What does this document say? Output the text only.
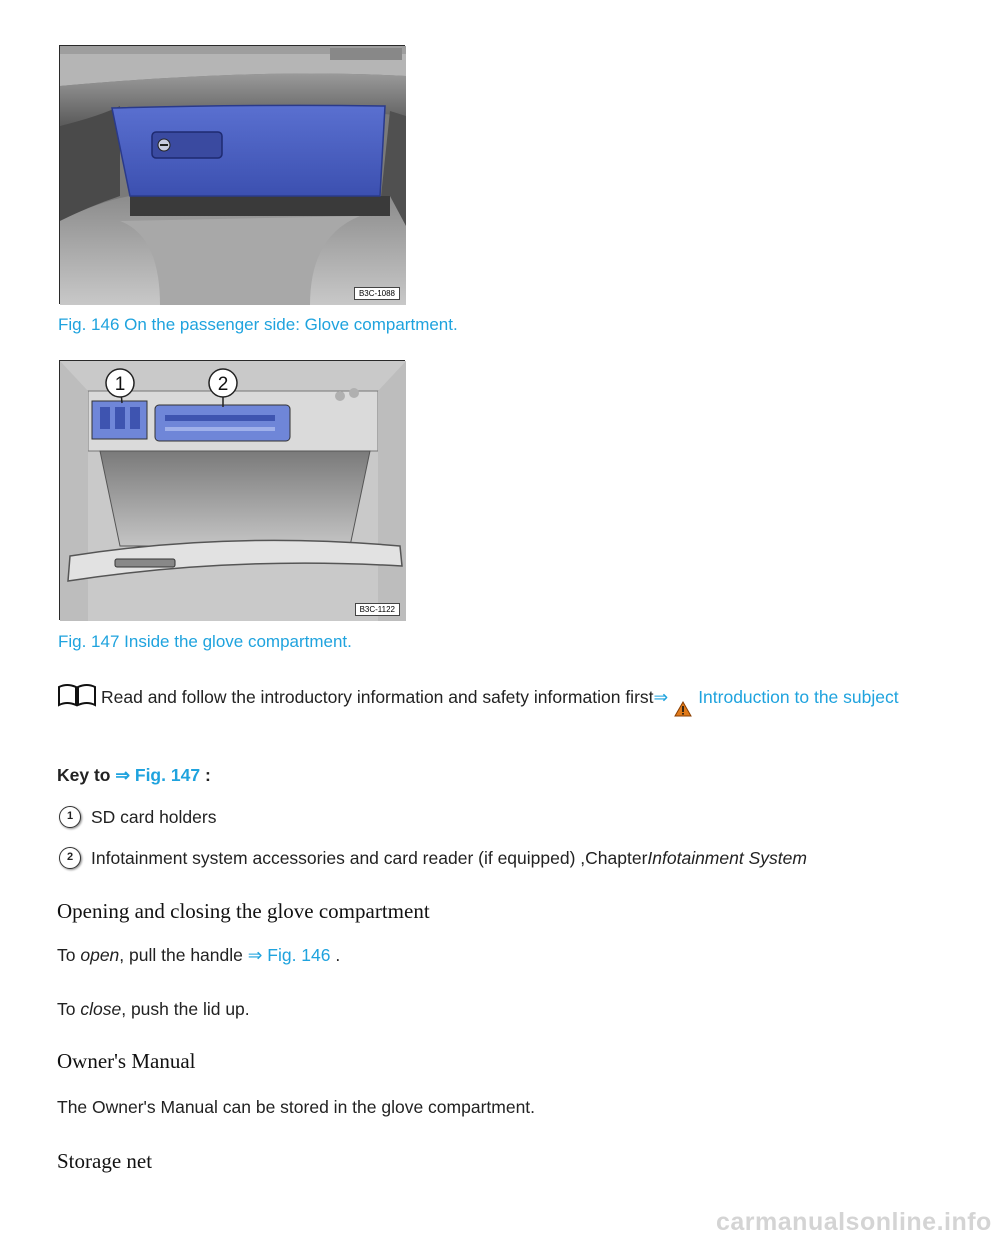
B3C-1088
Fig. 146 On the passenger side: Glove compartment.
1	2
B3C-1122
Fig. 147 Inside the glove compartment.
Read and follow the introductory information and safety information first⇒ Introduction to the subject
Key to ⇒ Fig. 147 :
1	SD card holders
2	Infotainment system accessories and card reader (if equipped) ,Chapter Infotainment System
Opening and closing the glove compartment
To open, pull the handle ⇒ Fig. 146 .
To close, push the lid up.
Owner's Manual
The Owner's Manual can be stored in the glove compartment.
Storage net
carmanualsonline.info
